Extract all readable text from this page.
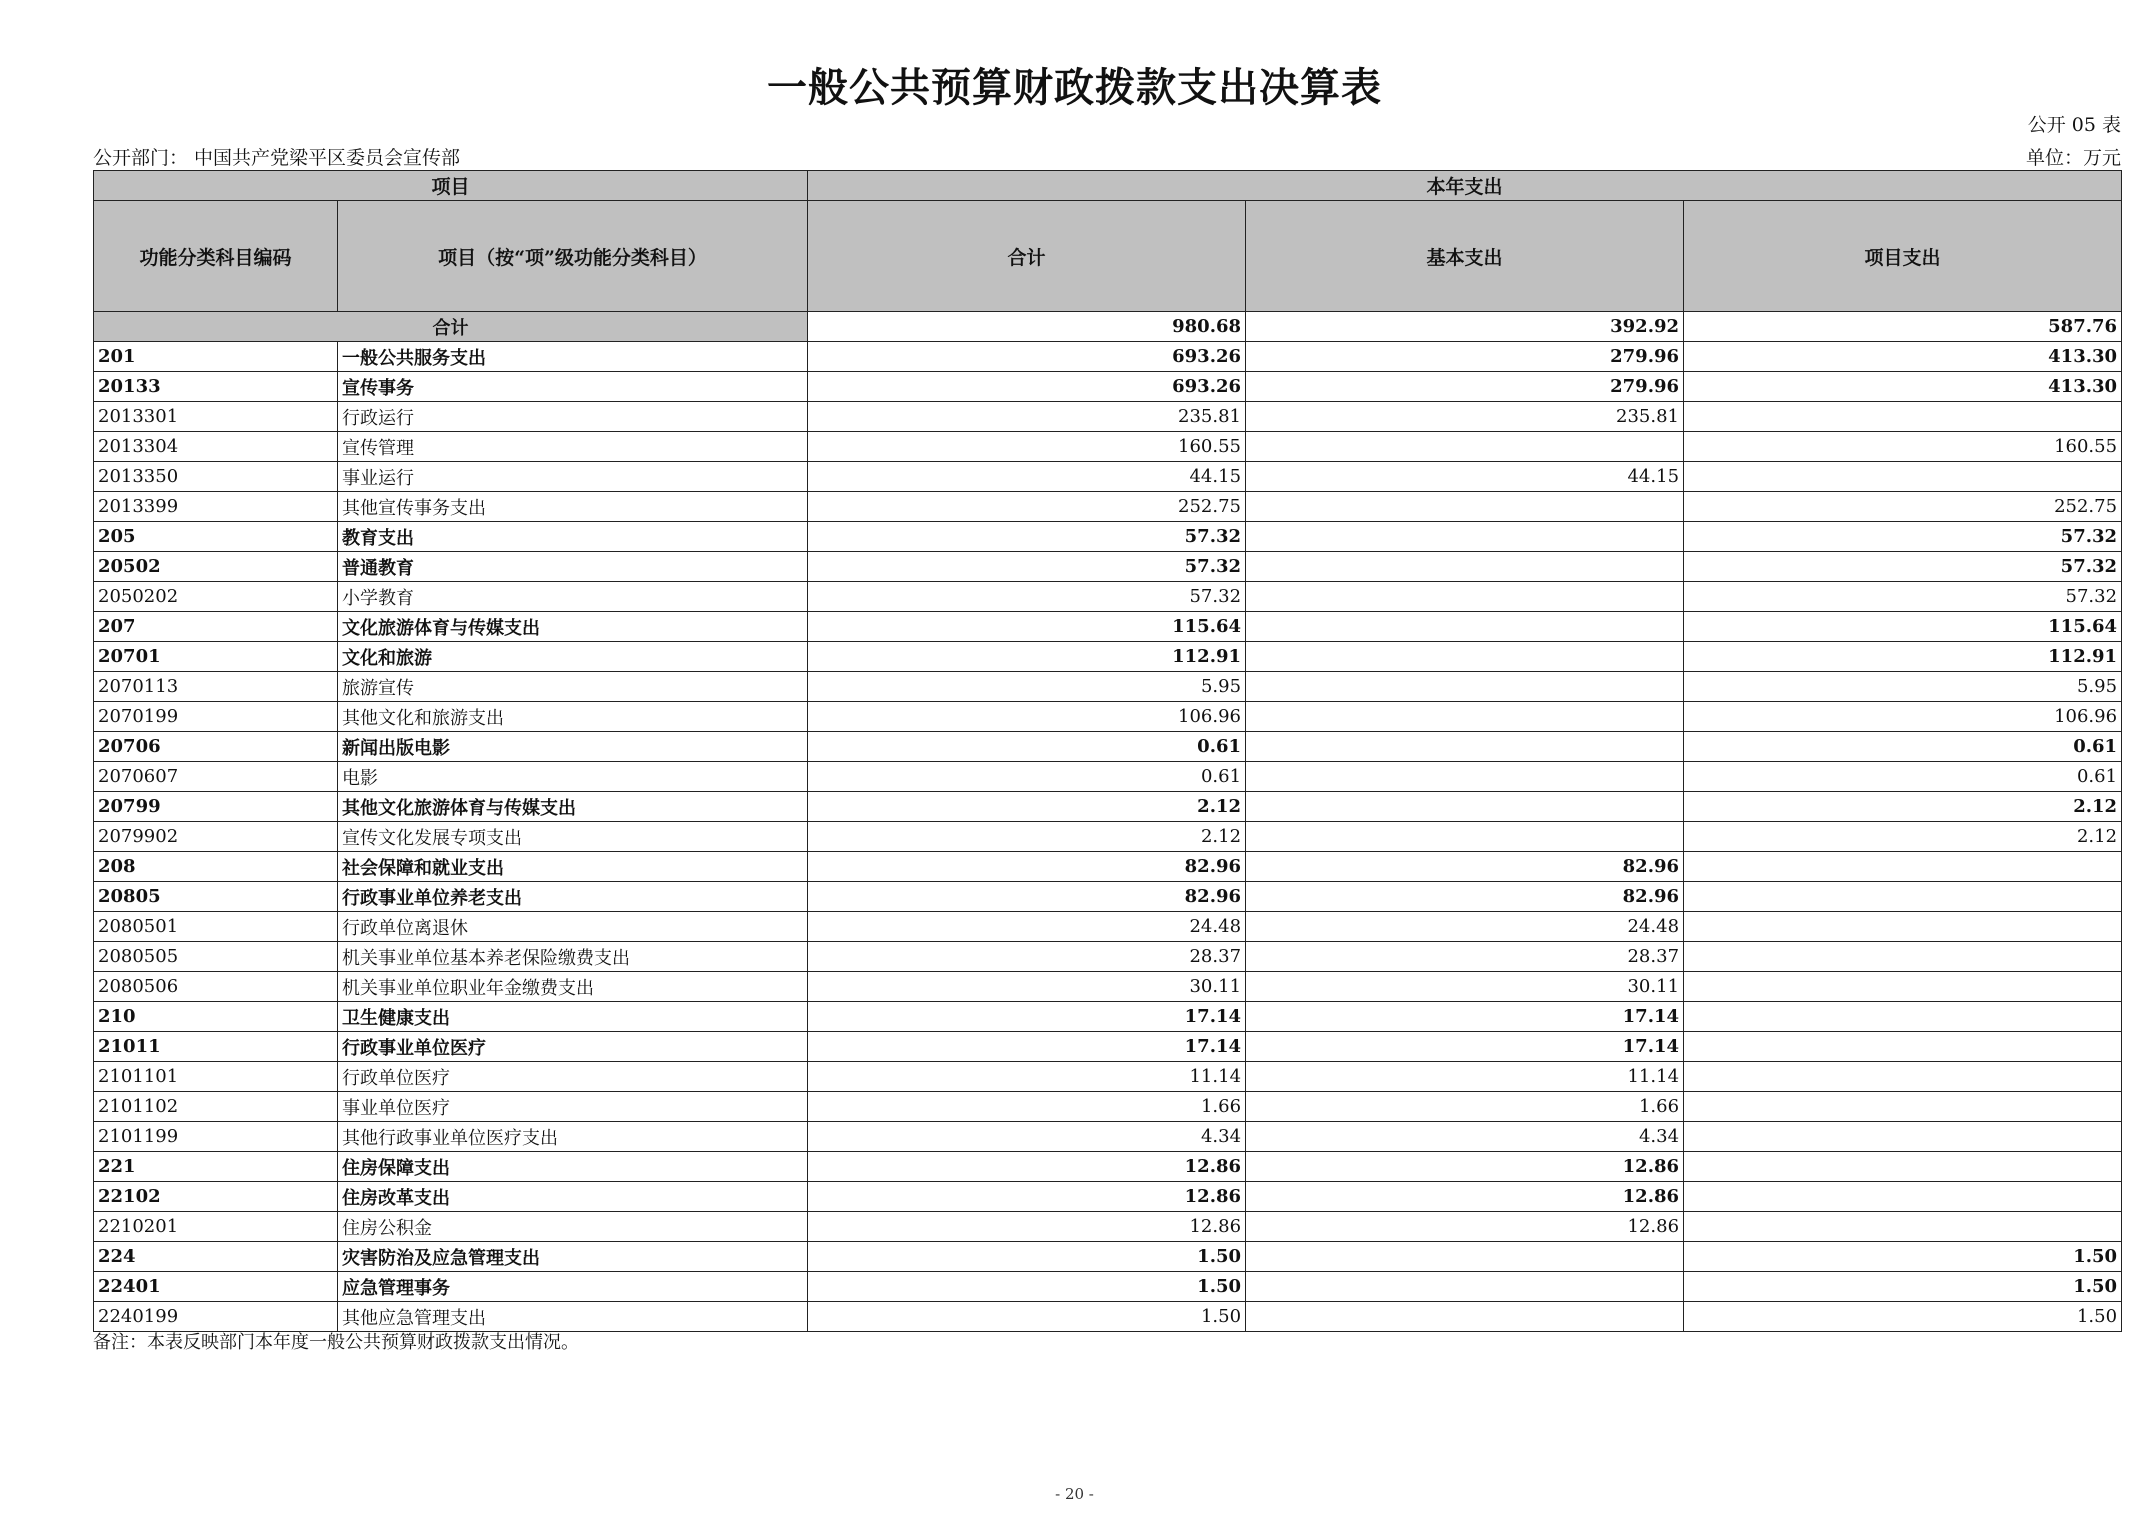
一般公共预算财政拨款支出决算表
公开 05 表
公开部门： 中国共产党梁平区委员会宣传部	单位：万元
项目		本年支出		
功能分类科目编码	项目（按“项”级功能分类科目）	合计	基本支出	项目支出
合计		980.68	392.92	587.76
201	一般公共服务支出	693.26	279.96	413.30
20133	宣传事务	693.26	279.96	413.30
2013301	行政运行	235.81	235.81	
2013304	宣传管理	160.55		160.55
2013350	事业运行	44.15	44.15	
2013399	其他宣传事务支出	252.75		252.75
205	教育支出	57.32		57.32
20502	普通教育	57.32		57.32
2050202	小学教育	57.32		57.32
207	文化旅游体育与传媒支出	115.64		115.64
20701	文化和旅游	112.91		112.91
2070113	旅游宣传	5.95		5.95
2070199	其他文化和旅游支出	106.96		106.96
20706	新闻出版电影	0.61		0.61
2070607	电影	0.61		0.61
20799	其他文化旅游体育与传媒支出	2.12		2.12
2079902	宣传文化发展专项支出	2.12		2.12
208	社会保障和就业支出	82.96	82.96	
20805	行政事业单位养老支出	82.96	82.96	
2080501	行政单位离退休	24.48	24.48	
2080505	机关事业单位基本养老保险缴费支出	28.37	28.37	
2080506	机关事业单位职业年金缴费支出	30.11	30.11	
210	卫生健康支出	17.14	17.14	
21011	行政事业单位医疗	17.14	17.14	
2101101	行政单位医疗	11.14	11.14	
2101102	事业单位医疗	1.66	1.66	
2101199	其他行政事业单位医疗支出	4.34	4.34	
221	住房保障支出	12.86	12.86	
22102	住房改革支出	12.86	12.86	
2210201	住房公积金	12.86	12.86	
224	灾害防治及应急管理支出	1.50		1.50
22401	应急管理事务	1.50		1.50
2240199	其他应急管理支出	1.50		1.50
备注：本表反映部门本年度一般公共预算财政拨款支出情况。
- 20 -
